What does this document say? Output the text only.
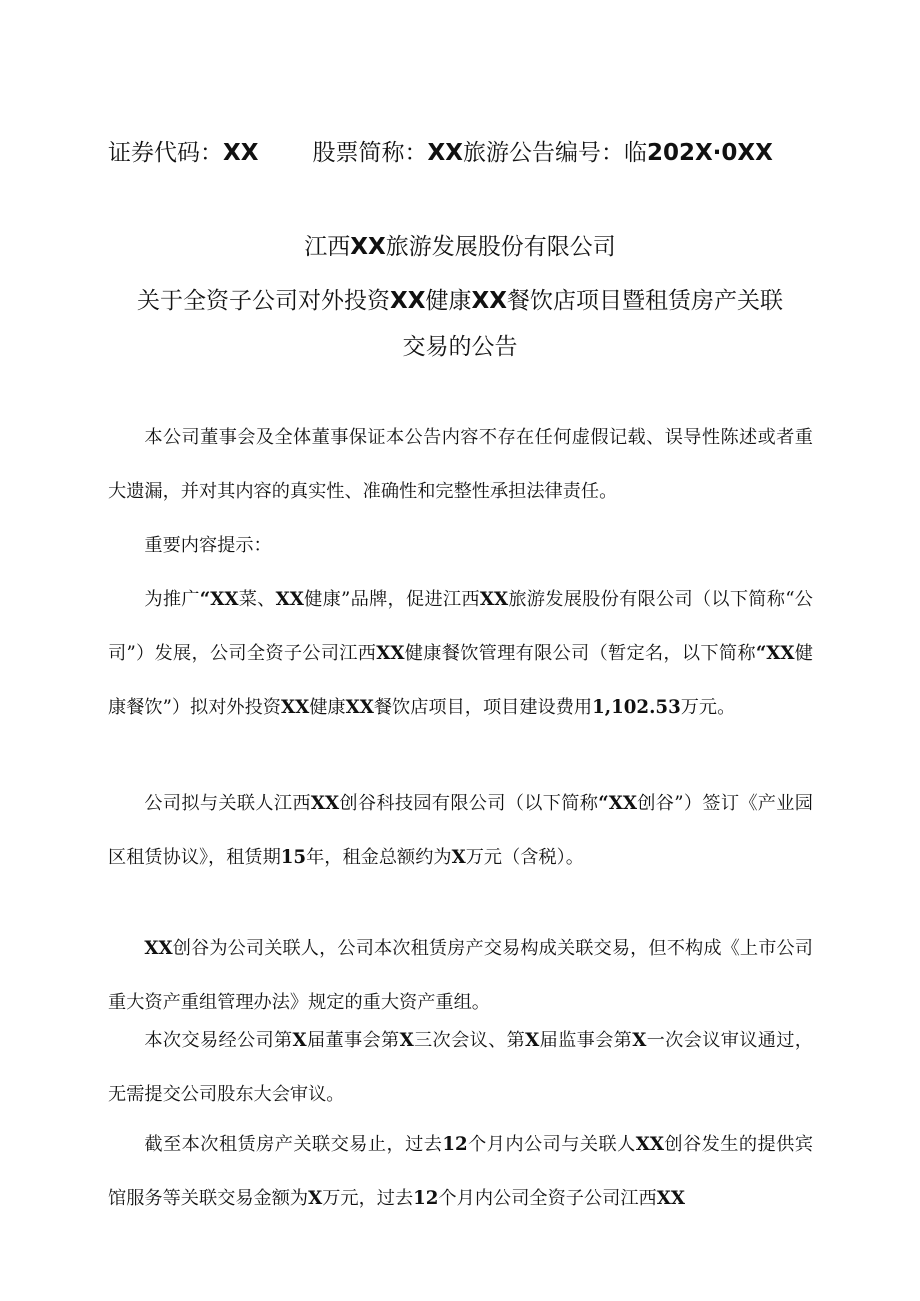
证券代码：XX 股票简称：XX旅游公告编号：临202X·0XX
江西XX旅游发展股份有限公司
关于全资子公司对外投资XX健康XX餐饮店项目暨租赁房产关联
交易的公告

本公司董事会及全体董事保证本公告内容不存在任何虚假记载、误导性陈述或者重大遗漏，并对其内容的真实性、准确性和完整性承担法律责任。

重要内容提示：

为推广“XX菜、XX健康”品牌，促进江西XX旅游发展股份有限公司（以下简称“公司”）发展，公司全资子公司江西XX健康餐饮管理有限公司（暂定名，以下简称“XX健康餐饮”）拟对外投资XX健康XX餐饮店项目，项目建设费用1,102.53万元。

公司拟与关联人江西XX创谷科技园有限公司（以下简称“XX创谷”）签订《产业园区租赁协议》，租赁期15年，租金总额约为X万元（含税）。

XX创谷为公司关联人，公司本次租赁房产交易构成关联交易，但不构成《上市公司重大资产重组管理办法》规定的重大资产重组。

本次交易经公司第X届董事会第X三次会议、第X届监事会第X一次会议审议通过，无需提交公司股东大会审议。

截至本次租赁房产关联交易止，过去12个月内公司与关联人XX创谷发生的提供宾馆服务等关联交易金额为X万元，过去12个月内公司全资子公司江西XX
